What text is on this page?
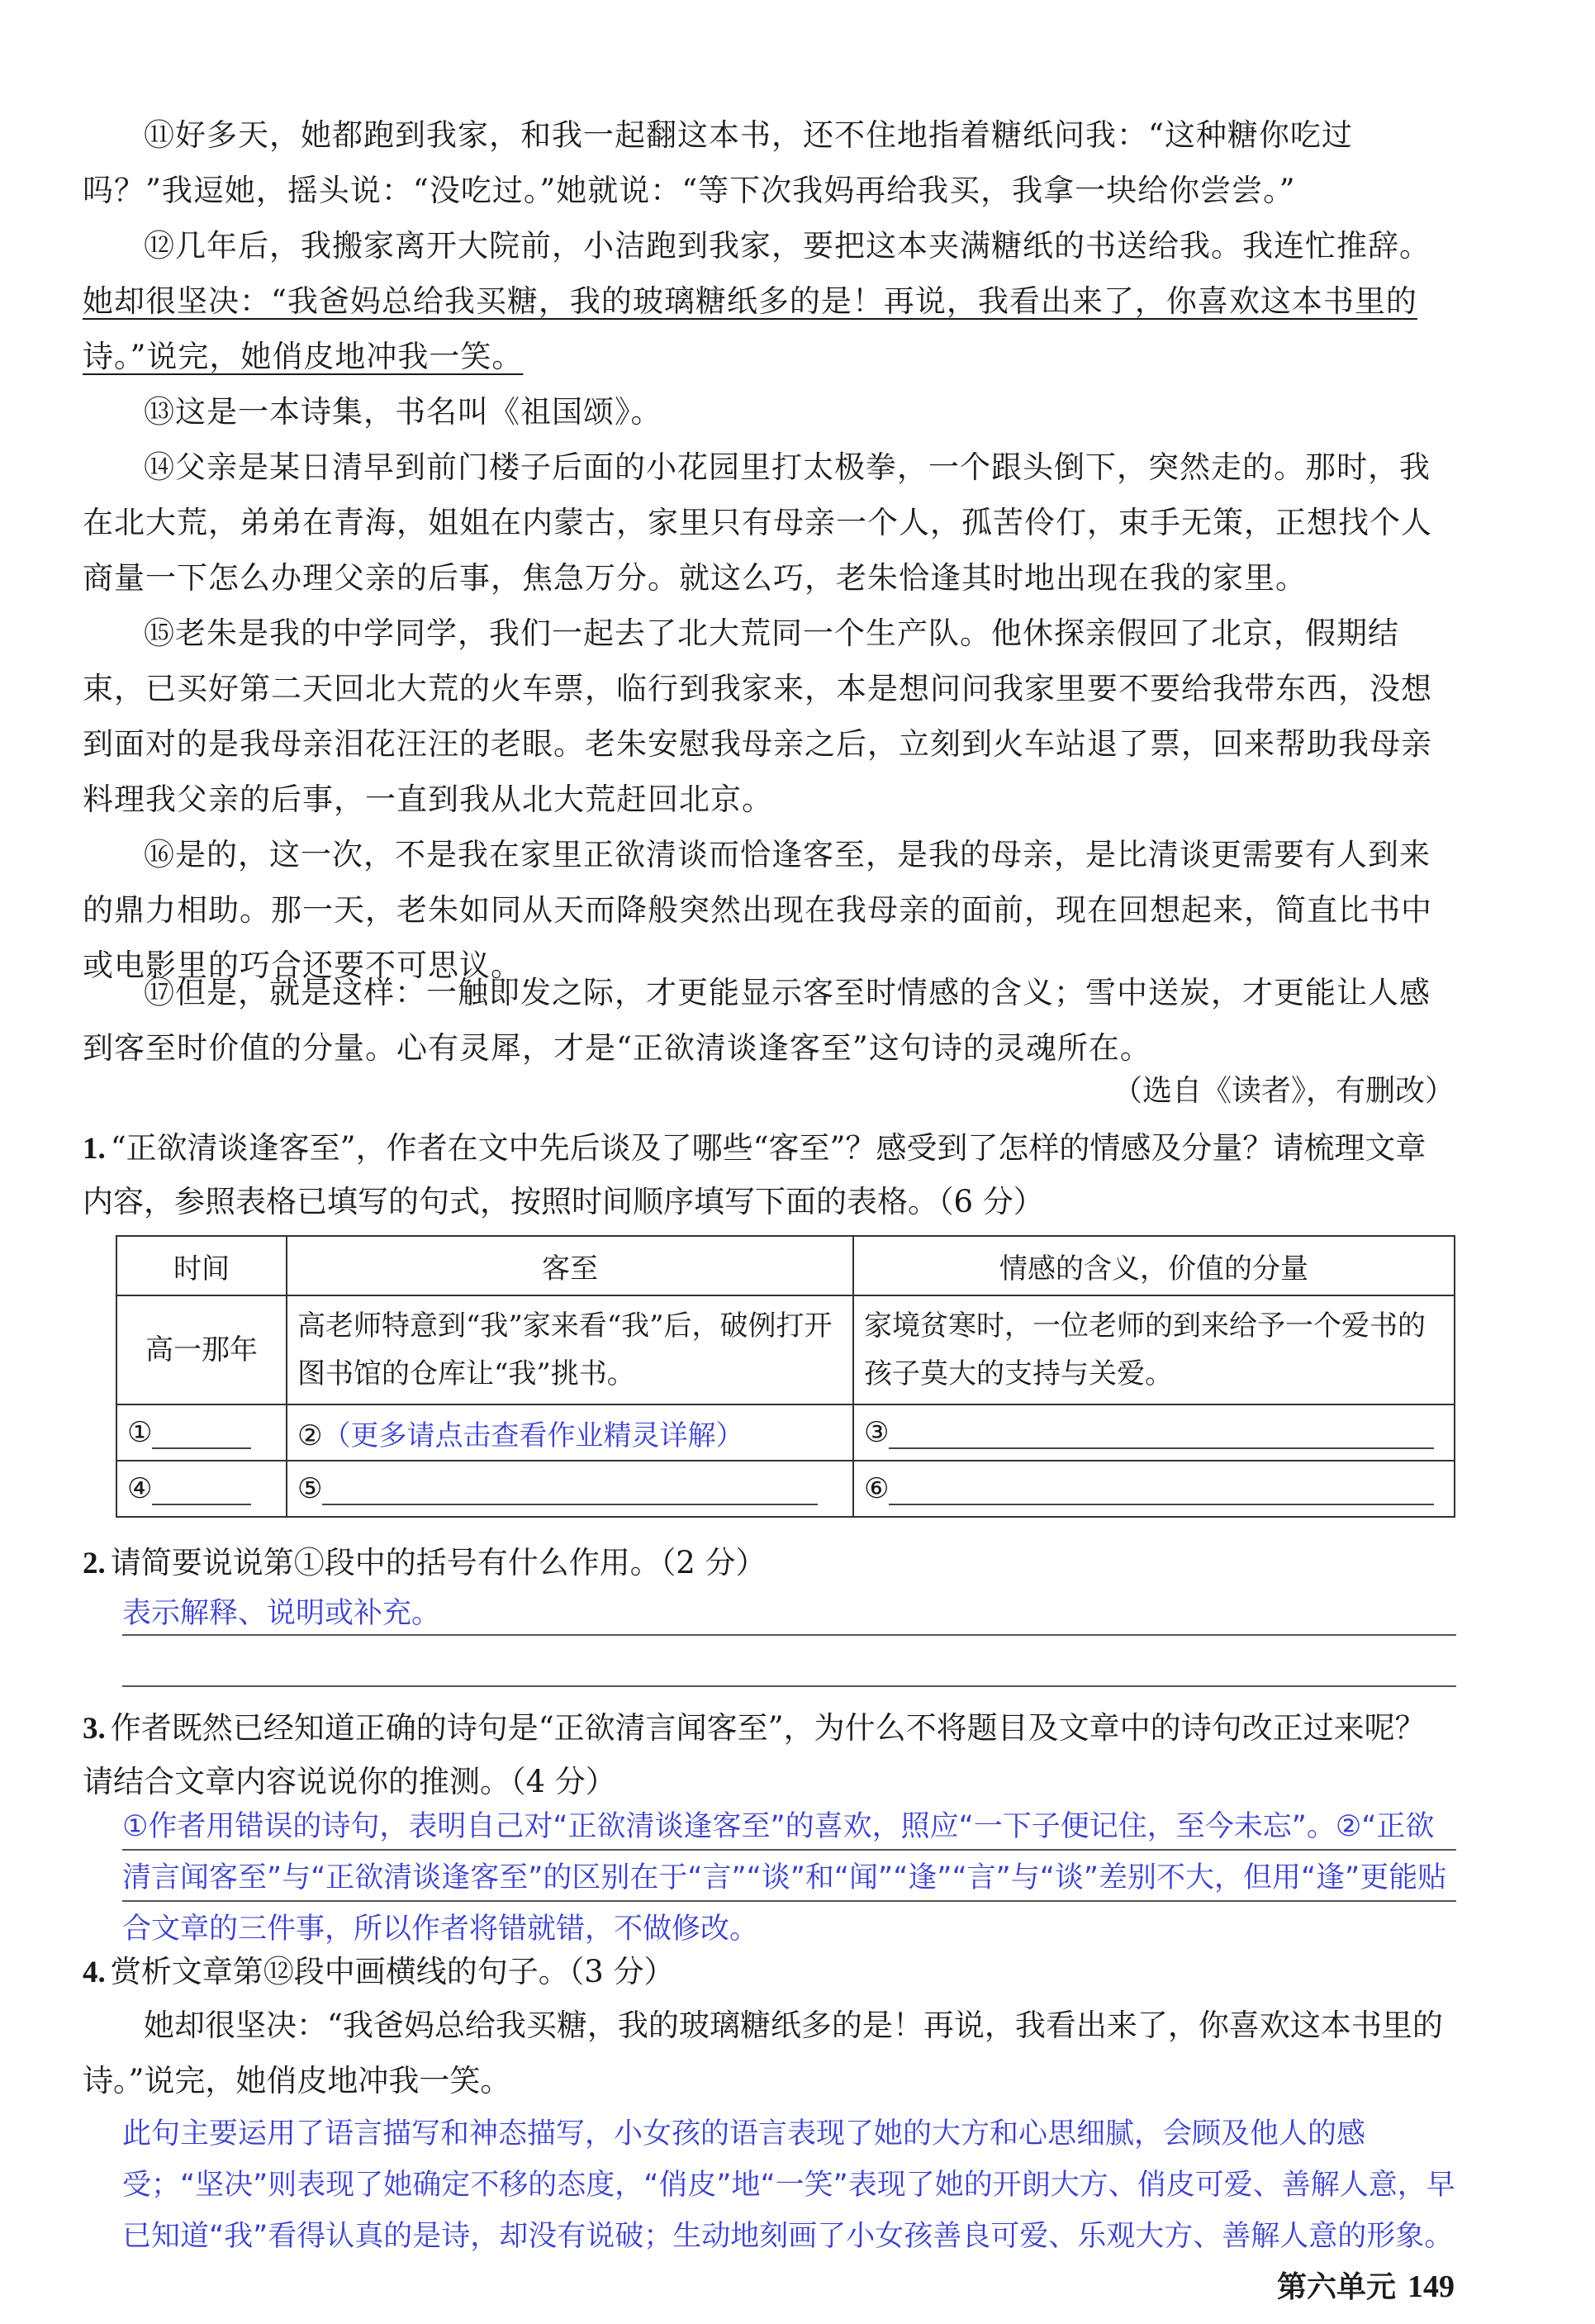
⑪好多天，她都跑到我家，和我一起翻这本书，还不住地指着糖纸问我：“这种糖你吃过吗？”我逗她，摇头说：“没吃过。”她就说：“等下次我妈再给我买，我拿一块给你尝尝。”

⑫几年后，我搬家离开大院前，小洁跑到我家，要把这本夹满糖纸的书送给我。我连忙推辞。她却很坚决：“我爸妈总给我买糖，我的玻璃糖纸多的是！再说，我看出来了，你喜欢这本书里的诗。”说完，她俏皮地冲我一笑。

⑬这是一本诗集，书名叫《祖国颂》。

⑭父亲是某日清早到前门楼子后面的小花园里打太极拳，一个跟头倒下，突然走的。那时，我在北大荒，弟弟在青海，姐姐在内蒙古，家里只有母亲一个人，孤苦伶仃，束手无策，正想找个人商量一下怎么办理父亲的后事，焦急万分。就这么巧，老朱恰逢其时地出现在我的家里。

⑮老朱是我的中学同学，我们一起去了北大荒同一个生产队。他休探亲假回了北京，假期结束，已买好第二天回北大荒的火车票，临行到我家来，本是想问问我家里要不要给我带东西，没想到面对的是我母亲泪花汪汪的老眼。老朱安慰我母亲之后，立刻到火车站退了票，回来帮助我母亲料理我父亲的后事，一直到我从北大荒赶回北京。

⑯是的，这一次，不是我在家里正欲清谈而恰逢客至，是我的母亲，是比清谈更需要有人到来的鼎力相助。那一天，老朱如同从天而降般突然出现在我母亲的面前，现在回想起来，简直比书中或电影里的巧合还要不可思议。

⑰但是，就是这样：一触即发之际，才更能显示客至时情感的含义；雪中送炭，才更能让人感到客至时价值的分量。心有灵犀，才是“正欲清谈逢客至”这句诗的灵魂所在。

（选自《读者》，有删改）

1. “正欲清谈逢客至”，作者在文中先后谈及了哪些“客至”？感受到了怎样的情感及分量？请梳理文章内容，参照表格已填写的句式，按照时间顺序填写下面的表格。（6 分）

时间	客至	情感的含义，价值的分量
高一那年	高老师特意到“我”家来看“我”后，破例打开图书馆的仓库让“我”挑书。	家境贫寒时，一位老师的到来给予一个爱书的孩子莫大的支持与关爱。
①	②（更多请点击查看作业精灵详解）	③
④	⑤	⑥

2. 请简要说说第①段中的括号有什么作用。（2 分）

表示解释、说明或补充。

3. 作者既然已经知道正确的诗句是“正欲清言闻客至”，为什么不将题目及文章中的诗句改正过来呢？请结合文章内容说说你的推测。（4 分）

①作者用错误的诗句，表明自己对“正欲清谈逢客至”的喜欢，照应“一下子便记住，至今未忘”。②“正欲清言闻客至”与“正欲清谈逢客至”的区别在于“言”“谈”和“闻”“逢”“言”与“谈”差别不大，但用“逢”更能贴合文章的三件事，所以作者将错就错，不做修改。

4. 赏析文章第⑫段中画横线的句子。（3 分）

她却很坚决：“我爸妈总给我买糖，我的玻璃糖纸多的是！再说，我看出来了，你喜欢这本书里的诗。”说完，她俏皮地冲我一笑。

此句主要运用了语言描写和神态描写，小女孩的语言表现了她的大方和心思细腻，会顾及他人的感受；“坚决”则表现了她确定不移的态度，“俏皮”地“一笑”表现了她的开朗大方、俏皮可爱、善解人意，早已知道“我”看得认真的是诗，却没有说破；生动地刻画了小女孩善良可爱、乐观大方、善解人意的形象。

第六单元 149
